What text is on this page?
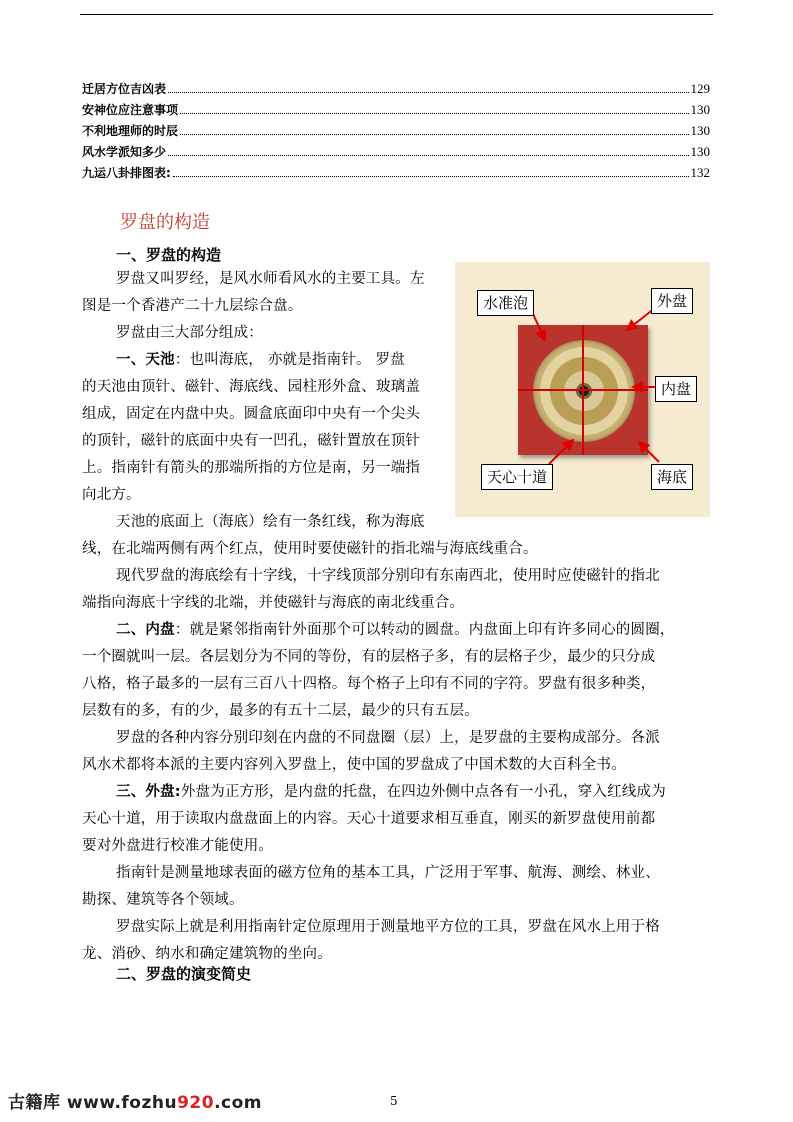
迁居方位吉凶表	129
安神位应注意事项	130
不利地理师的时辰	130
风水学派知多少	130
九运八卦排图表:	132
罗盘的构造
一、罗盘的构造
罗盘又叫罗经，是风水师看风水的主要工具。左
图是一个香港产二十九层综合盘。
罗盘由三大部分组成：
一、天池：也叫海底， 亦就是指南针。 罗盘
的天池由顶针、磁针、海底线、园柱形外盒、玻璃盖
组成，固定在内盘中央。圆盒底面印中央有一个尖头
的顶针，磁针的底面中央有一凹孔，磁针置放在顶针
上。指南针有箭头的那端所指的方位是南，另一端指
向北方。
天池的底面上（海底）绘有一条红线，称为海底
线，在北端两侧有两个红点，使用时要使磁针的指北端与海底线重合。
现代罗盘的海底绘有十字线，十字线顶部分别印有东南西北，使用时应使磁针的指北
端指向海底十字线的北端，并使磁针与海底的南北线重合。
二、内盘：就是紧邻指南针外面那个可以转动的圆盘。内盘面上印有许多同心的圆圈，
一个圈就叫一层。各层划分为不同的等份，有的层格子多，有的层格子少，最少的只分成
八格，格子最多的一层有三百八十四格。每个格子上印有不同的字符。罗盘有很多种类，
层数有的多，有的少，最多的有五十二层，最少的只有五层。
罗盘的各种内容分别印刻在内盘的不同盘圈（层）上，是罗盘的主要构成部分。各派
风水术都将本派的主要内容列入罗盘上，使中国的罗盘成了中国术数的大百科全书。
三、外盘:外盘为正方形，是内盘的托盘，在四边外侧中点各有一小孔，穿入红线成为
天心十道，用于读取内盘盘面上的内容。天心十道要求相互垂直，刚买的新罗盘使用前都
要对外盘进行校准才能使用。
指南针是测量地球表面的磁方位角的基本工具，广泛用于军事、航海、测绘、林业、
勘探、建筑等各个领域。
罗盘实际上就是利用指南针定位原理用于测量地平方位的工具，罗盘在风水上用于格
龙、消砂、纳水和确定建筑物的坐向。
二、罗盘的演变简史
水准泡	外盘
内盘
天心十道	海底
5
古籍库 www.fozhu920.com
